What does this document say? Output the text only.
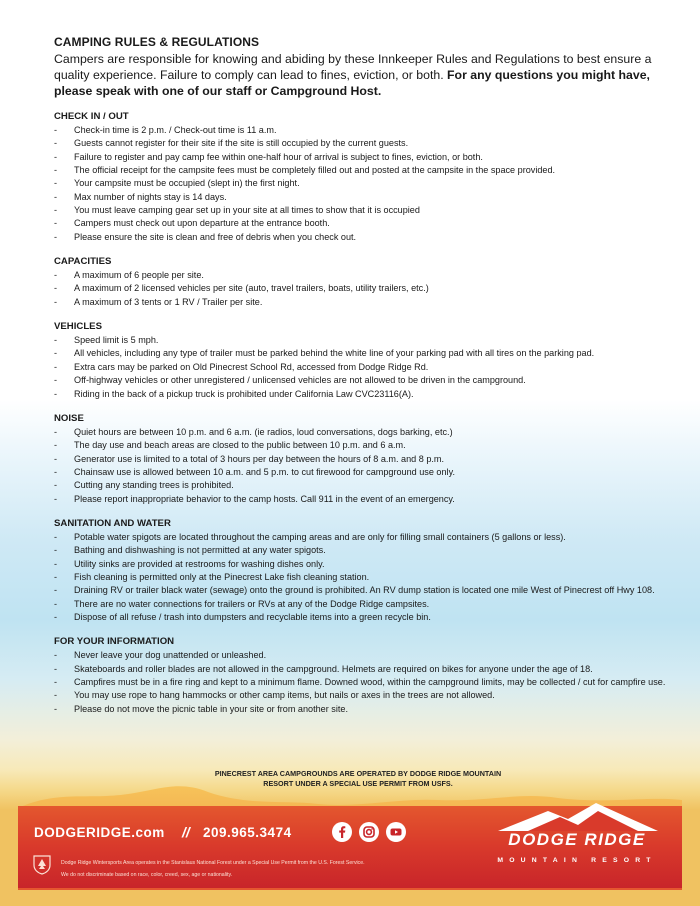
CAMPING RULES & REGULATIONS
Campers are responsible for knowing and abiding by these Innkeeper Rules and Regulations to best ensure a quality experience. Failure to comply can lead to fines, eviction, or both. For any questions you might have, please speak with one of our staff or Campground Host.
CHECK IN / OUT
- Check-in time is 2 p.m. / Check-out time is 11 a.m.
- Guests cannot register for their site if the site is still occupied by the current guests.
- Failure to register and pay camp fee within one-half hour of arrival is subject to fines, eviction, or both.
- The official receipt for the campsite fees must be completely filled out and posted at the campsite in the space provided.
- Your campsite must be occupied (slept in) the first night.
- Max number of nights stay is 14 days.
- You must leave camping gear set up in your site at all times to show that it is occupied
- Campers must check out upon departure at the entrance booth.
- Please ensure the site is clean and free of debris when you check out.
CAPACITIES
- A maximum of 6 people per site.
- A maximum of 2 licensed vehicles per site (auto, travel trailers, boats, utility trailers, etc.)
- A maximum of 3 tents or 1 RV / Trailer per site.
VEHICLES
- Speed limit is 5 mph.
- All vehicles, including any type of trailer must be parked behind the white line of your parking pad with all tires on the parking pad.
- Extra cars may be parked on Old Pinecrest School Rd, accessed from Dodge Ridge Rd.
- Off-highway vehicles or other unregistered / unlicensed vehicles are not allowed to be driven in the campground.
- Riding in the back of a pickup truck is prohibited under California Law CVC23116(A).
NOISE
- Quiet hours are between 10 p.m. and 6 a.m. (ie radios, loud conversations, dogs barking, etc.)
- The day use and beach areas are closed to the public between 10 p.m. and 6 a.m.
- Generator use is limited to a total of 3 hours per day between the hours of 8 a.m. and 8 p.m.
- Chainsaw use is allowed between 10 a.m. and 5 p.m. to cut firewood for campground use only.
- Cutting any standing trees is prohibited.
- Please report inappropriate behavior to the camp hosts. Call 911 in the event of an emergency.
SANITATION AND WATER
- Potable water spigots are located throughout the camping areas and are only for filling small containers (5 gallons or less).
- Bathing and dishwashing is not permitted at any water spigots.
- Utility sinks are provided at restrooms for washing dishes only.
- Fish cleaning is permitted only at the Pinecrest Lake fish cleaning station.
- Draining RV or trailer black water (sewage) onto the ground is prohibited. An RV dump station is located one mile West of Pinecrest off Hwy 108.
- There are no water connections for trailers or RVs at any of the Dodge Ridge campsites.
- Dispose of all refuse / trash into dumpsters and recyclable items into a green recycle bin.
FOR YOUR INFORMATION
- Never leave your dog unattended or unleashed.
- Skateboards and roller blades are not allowed in the campground. Helmets are required on bikes for anyone under the age of 18.
- Campfires must be in a fire ring and kept to a minimum flame. Downed wood, within the campground limits, may be collected / cut for campfire use.
- You may use rope to hang hammocks or other camp items, but nails or axes in the trees are not allowed.
- Please do not move the picnic table in your site or from another site.
PINECREST AREA CAMPGROUNDS ARE OPERATED BY DODGE RIDGE MOUNTAIN RESORT UNDER A SPECIAL USE PERMIT FROM USFS.
DODGERIDGE.com // 209.965.3474	DODGE RIDGE
MOUNTAIN RESORT
Dodge Ridge Wintersports Area operates in the Stanislaus National Forest under a Special Use Permit from the U.S. Forest Service.
We do not discriminate based on race, color, creed, sex, age or nationality.
